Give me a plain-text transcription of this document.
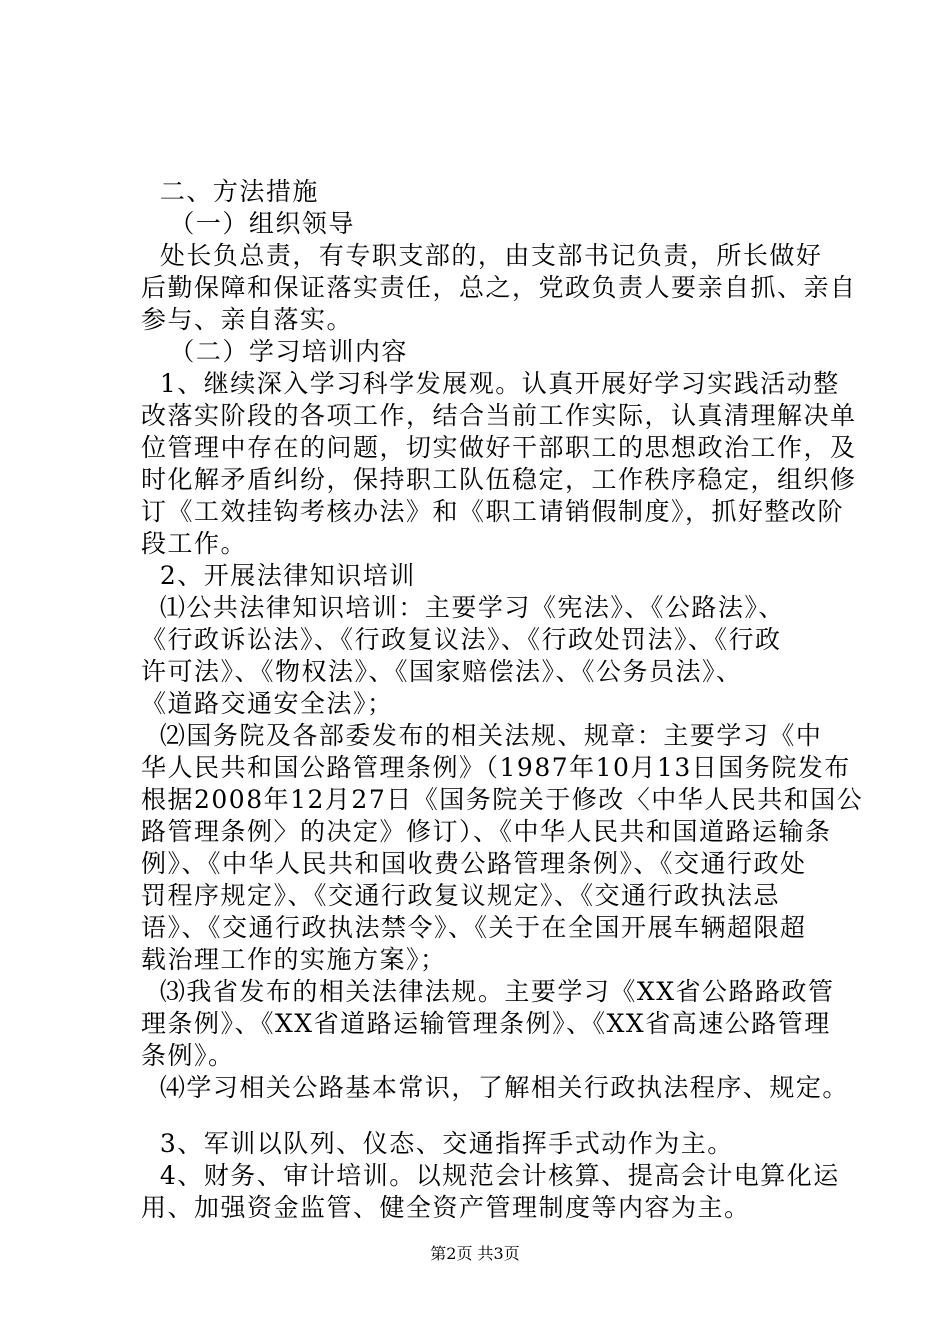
二、方法措施
（一）组织领导
处长负总责，有专职支部的，由支部书记负责，所长做好
后勤保障和保证落实责任，总之，党政负责人要亲自抓、亲自
参与、亲自落实。
（二）学习培训内容
1、继续深入学习科学发展观。认真开展好学习实践活动整
改落实阶段的各项工作，结合当前工作实际，认真清理解决单
位管理中存在的问题，切实做好干部职工的思想政治工作，及
时化解矛盾纠纷，保持职工队伍稳定，工作秩序稳定，组织修
订《工效挂钩考核办法》和《职工请销假制度》，抓好整改阶
段工作。
2、开展法律知识培训
⑴公共法律知识培训：主要学习《宪法》、《公路法》、
《行政诉讼法》、《行政复议法》、《行政处罚法》、《行政
许可法》、《物权法》、《国家赔偿法》、《公务员法》、
《道路交通安全法》；
⑵国务院及各部委发布的相关法规、规章：主要学习《中
华人民共和国公路管理条例》（1987年10月13日国务院发布
根据2008年12月27日《国务院关于修改〈中华人民共和国公
路管理条例〉的决定》修订）、《中华人民共和国道路运输条
例》、《中华人民共和国收费公路管理条例》、《交通行政处
罚程序规定》、《交通行政复议规定》、《交通行政执法忌
语》、《交通行政执法禁令》、《关于在全国开展车辆超限超
载治理工作的实施方案》；
⑶我省发布的相关法律法规。主要学习《XX省公路路政管
理条例》、《XX省道路运输管理条例》、《XX省高速公路管理
条例》。
⑷学习相关公路基本常识，了解相关行政执法程序、规定。
3、军训以队列、仪态、交通指挥手式动作为主。
4、财务、审计培训。以规范会计核算、提高会计电算化运
用、加强资金监管、健全资产管理制度等内容为主。
第2页 共3页
